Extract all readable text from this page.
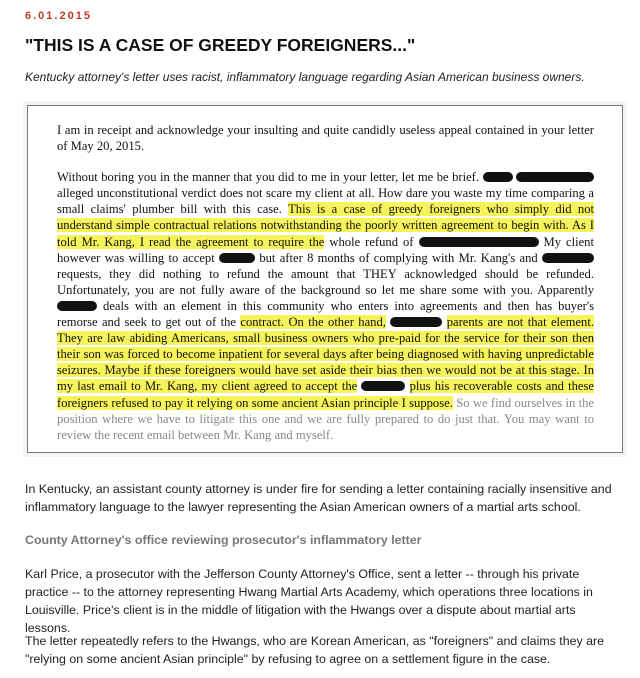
6.01.2015
"THIS IS A CASE OF GREEDY FOREIGNERS..."
Kentucky attorney's letter uses racist, inflammatory language regarding Asian American business owners.

I am in receipt and acknowledge your insulting and quite candidly useless appeal contained in your letter of May 20, 2015.

Without boring you in the manner that you did to me in your letter, let me be brief.   alleged unconstitutional verdict does not scare my client at all. How dare you waste my time comparing a small claims' plumber bill with this case. This is a case of greedy foreigners who simply did not understand simple contractual relations notwithstanding the poorly written agreement to begin with. As I told Mr. Kang, I read the agreement to require the whole refund of	My client however was willing to accept	but after 8 months of complying with Mr. Kang's and  requests, they did nothing to refund the amount that THEY acknowledged should be refunded. Unfortunately, you are not fully aware of the background so let me share some with you. Apparently  deals with an element in this community who enters into agreements and then has buyer's remorse and seek to get out of the contract. On the other hand,	parents are not that element. They are law abiding Americans, small business owners who pre-paid for the service for their son then their son was forced to become inpatient for several days after being diagnosed with having unpredictable seizures. Maybe if these foreigners would have set aside their bias then we would not be at this stage. In my last email to Mr. Kang, my client agreed to accept the	plus his recoverable costs and these foreigners refused to pay it relying on some ancient Asian principle I suppose. So we find ourselves in the position where we have to litigate this one and we are fully prepared to do just that. You may want to review the recent email between Mr. Kang and myself.

In Kentucky, an assistant county attorney is under fire for sending a letter containing racially insensitive and inflammatory language to the lawyer representing the Asian American owners of a martial arts school.

County Attorney's office reviewing prosecutor's inflammatory letter

Karl Price, a prosecutor with the Jefferson County Attorney's Office, sent a letter -- through his private practice -- to the attorney representing Hwang Martial Arts Academy, which operations three locations in Louisville. Price's client is in the middle of litigation with the Hwangs over a dispute about martial arts lessons.

The letter repeatedly refers to the Hwangs, who are Korean American, as "foreigners" and claims they are "relying on some ancient Asian principle" by refusing to agree on a settlement figure in the case.
